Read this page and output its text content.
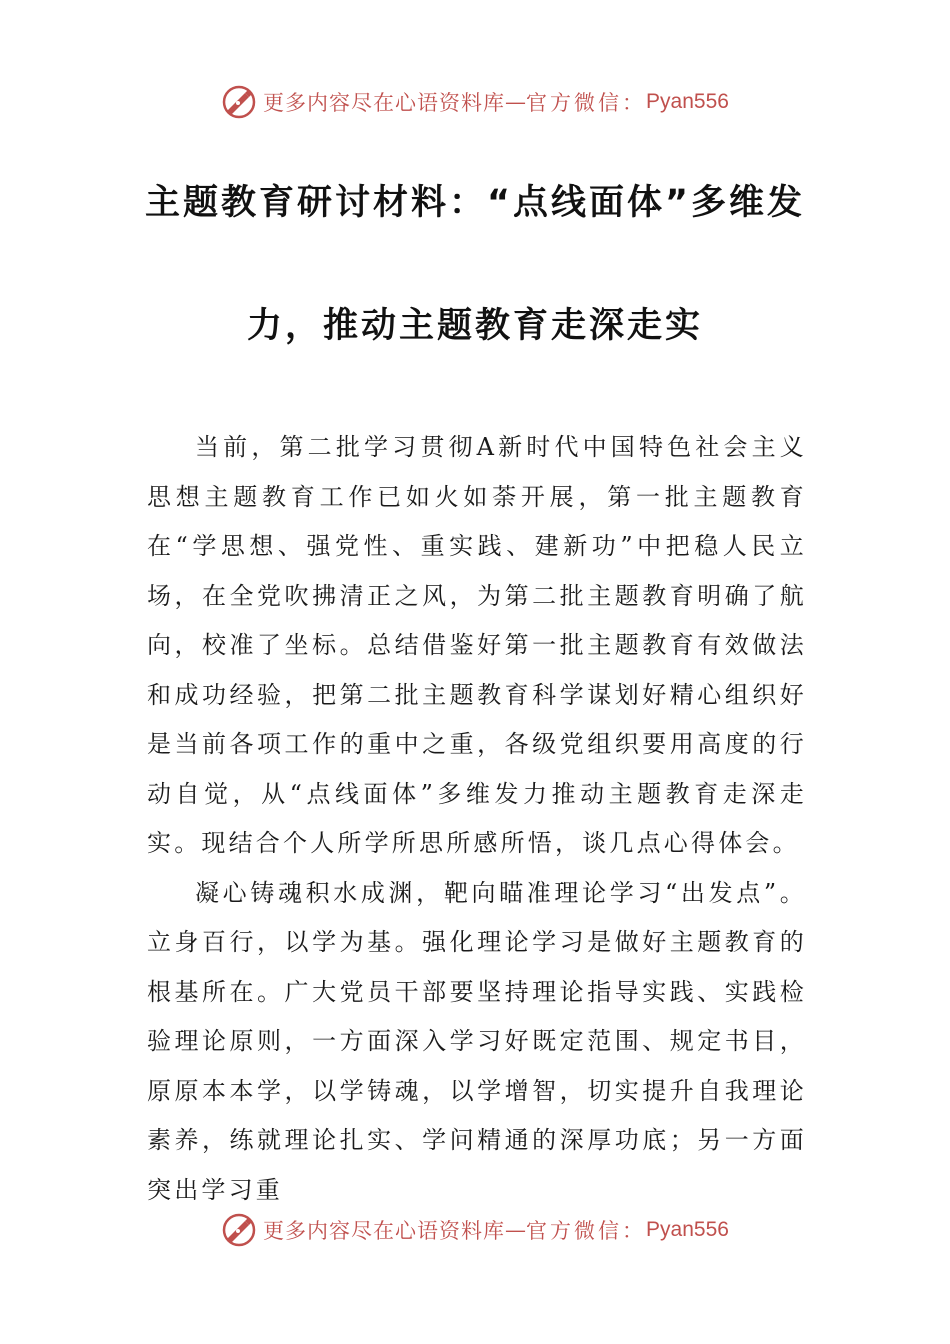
更多内容尽在心语资料库 — 官方微信： Pyan556
主题教育研讨材料：“点线面体”多维发
力，推动主题教育走深走实

当前，第二批学习贯彻A新时代中国特色社会主义思想主题教育工作已如火如荼开展，第一批主题教育在“学思想、强党性、重实践、建新功”中把稳人民立场，在全党吹拂清正之风，为第二批主题教育明确了航向，校准了坐标。总结借鉴好第一批主题教育有效做法和成功经验，把第二批主题教育科学谋划好精心组织好是当前各项工作的重中之重，各级党组织要用高度的行动自觉，从“点线面体”多维发力推动主题教育走深走实。现结合个人所学所思所感所悟，谈几点心得体会。

凝心铸魂积水成渊，靶向瞄准理论学习“出发点”。立身百行，以学为基。强化理论学习是做好主题教育的根基所在。广大党员干部要坚持理论指导实践、实践检验理论原则，一方面深入学习好既定范围、规定书目，原原本本学，以学铸魂，以学增智，切实提升自我理论素养，练就理论扎实、学问精通的深厚功底；另一方面突出学习重

更多内容尽在心语资料库 — 官方微信： Pyan556
